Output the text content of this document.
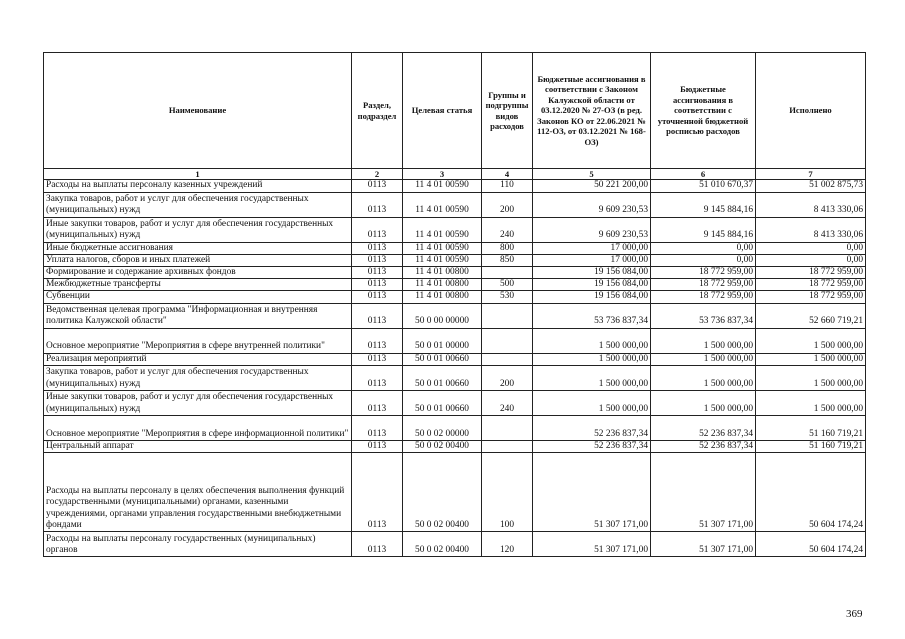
Наименование	Раздел, подраздел	Целевая статья	Группы и подгруппы видов расходов	Бюджетные ассигнования в соответствии с Законом Калужской области от 03.12.2020 № 27-ОЗ (в ред. Законов КО от 22.06.2021 № 112-ОЗ, от 03.12.2021 № 168-ОЗ)	Бюджетные ассигнования в соответствии с уточненной бюджетной росписью расходов	Исполнено
1	2	3	4	5	6	7
Расходы на выплаты персоналу казенных учреждений	0113	11 4 01 00590	110	50 221 200,00	51 010 670,37	51 002 875,73
Закупка товаров, работ и услуг для обеспечения государственных (муниципальных) нужд	0113	11 4 01 00590	200	9 609 230,53	9 145 884,16	8 413 330,06
Иные закупки товаров, работ и услуг для обеспечения государственных (муниципальных) нужд	0113	11 4 01 00590	240	9 609 230,53	9 145 884,16	8 413 330,06
Иные бюджетные ассигнования	0113	11 4 01 00590	800	17 000,00	0,00	0,00
Уплата налогов, сборов и иных платежей	0113	11 4 01 00590	850	17 000,00	0,00	0,00
Формирование и содержание архивных фондов	0113	11 4 01 00800		19 156 084,00	18 772 959,00	18 772 959,00
Межбюджетные трансферты	0113	11 4 01 00800	500	19 156 084,00	18 772 959,00	18 772 959,00
Субвенции	0113	11 4 01 00800	530	19 156 084,00	18 772 959,00	18 772 959,00
Ведомственная целевая программа "Информационная и внутренняя политика Калужской области"	0113	50 0 00 00000		53 736 837,34	53 736 837,34	52 660 719,21
Основное мероприятие "Мероприятия в сфере внутренней политики"	0113	50 0 01 00000		1 500 000,00	1 500 000,00	1 500 000,00
Реализация мероприятий	0113	50 0 01 00660		1 500 000,00	1 500 000,00	1 500 000,00
Закупка товаров, работ и услуг для обеспечения государственных (муниципальных) нужд	0113	50 0 01 00660	200	1 500 000,00	1 500 000,00	1 500 000,00
Иные закупки товаров, работ и услуг для обеспечения государственных (муниципальных) нужд	0113	50 0 01 00660	240	1 500 000,00	1 500 000,00	1 500 000,00
Основное мероприятие "Мероприятия в сфере информационной политики"	0113	50 0 02 00000		52 236 837,34	52 236 837,34	51 160 719,21
Центральный аппарат	0113	50 0 02 00400		52 236 837,34	52 236 837,34	51 160 719,21
Расходы на выплаты персоналу в целях обеспечения выполнения функций государственными (муниципальными) органами, казенными учреждениями, органами управления государственными внебюджетными фондами	0113	50 0 02 00400	100	51 307 171,00	51 307 171,00	50 604 174,24
Расходы на выплаты персоналу государственных (муниципальных) органов	0113	50 0 02 00400	120	51 307 171,00	51 307 171,00	50 604 174,24
369
